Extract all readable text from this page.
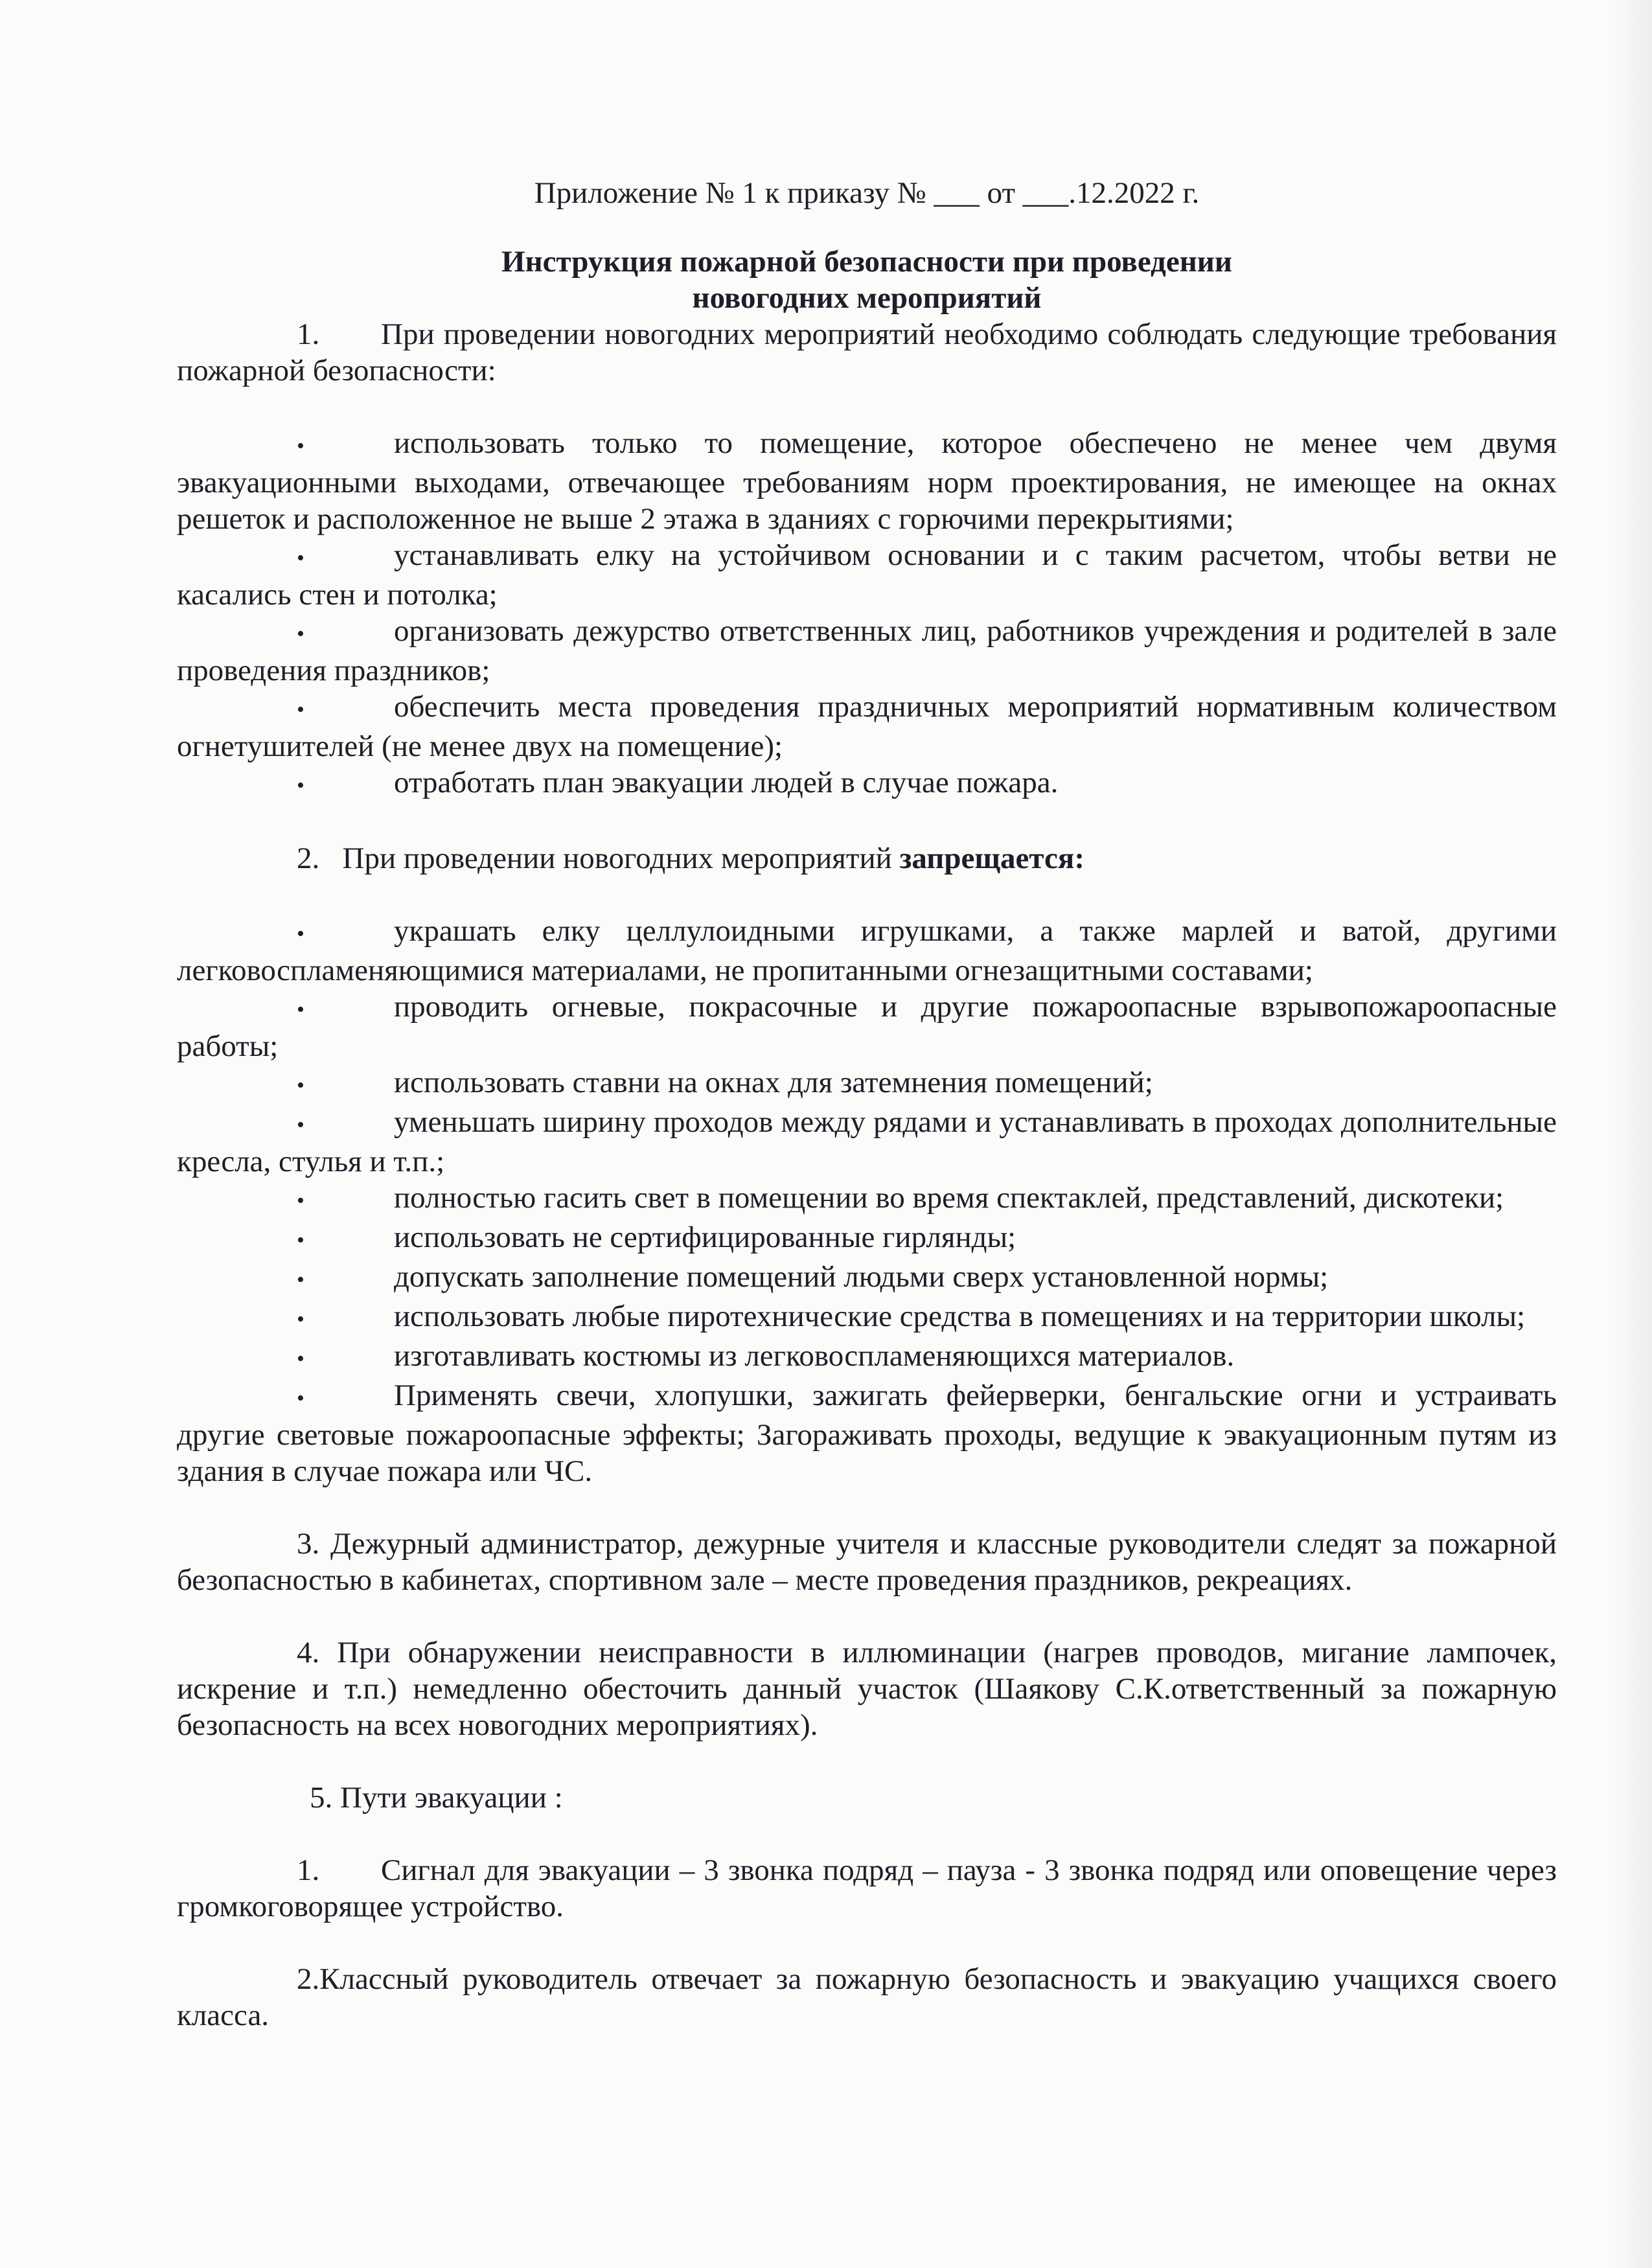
Приложение № 1 к приказу № ___ от ___.12.2022 г.
Инструкция пожарной безопасности при проведении
новогодних мероприятий

1. При проведении новогодних мероприятий необходимо соблюдать следующие требования пожарной безопасности:

•	использовать только то помещение, которое обеспечено не менее чем двумя эвакуационными выходами, отвечающее требованиям норм проектирования, не имеющее на окнах решеток и расположенное не выше 2 этажа в зданиях с горючими перекрытиями;

•	устанавливать елку на устойчивом основании и с таким расчетом, чтобы ветви не касались стен и потолка;

•	организовать дежурство ответственных лиц, работников учреждения и родителей в зале проведения праздников;

•	обеспечить места проведения праздничных мероприятий нормативным количеством огнетушителей (не менее двух на помещение);

•	отработать план эвакуации людей в случае пожара.

2. При проведении новогодних мероприятий запрещается:

•	украшать елку целлулоидными игрушками, а также марлей и ватой, другими легковоспламеняющимися материалами, не пропитанными огнезащитными составами;

•	проводить огневые, покрасочные и другие пожароопасные взрывопожароопасные работы;

•	использовать ставни на окнах для затемнения помещений;

•	уменьшать ширину проходов между рядами и устанавливать в проходах дополнительные кресла, стулья и т.п.;

•	полностью гасить свет в помещении во время спектаклей, представлений, дискотеки;

•	использовать не сертифицированные гирлянды;

•	допускать заполнение помещений людьми сверх установленной нормы;

•	использовать любые пиротехнические средства в помещениях и на территории школы;

•	изготавливать костюмы из легковоспламеняющихся материалов.

•	Применять свечи, хлопушки, зажигать фейерверки, бенгальские огни и устраивать другие световые пожароопасные эффекты; Загораживать проходы, ведущие к эвакуационным путям из здания в случае пожара или ЧС.

3. Дежурный администратор, дежурные учителя и классные руководители следят за пожарной безопасностью в кабинетах, спортивном зале – месте проведения праздников, рекреациях.

4. При обнаружении неисправности в иллюминации (нагрев проводов, мигание лампочек, искрение и т.п.) немедленно обесточить данный участок (Шаякову С.К.ответственный за пожарную безопасность на всех новогодних мероприятиях).

5. Пути эвакуации :

1. Сигнал для эвакуации – 3 звонка подряд – пауза - 3 звонка подряд или оповещение через громкоговорящее устройство.

2.Классный руководитель отвечает за пожарную безопасность и эвакуацию учащихся своего класса.
